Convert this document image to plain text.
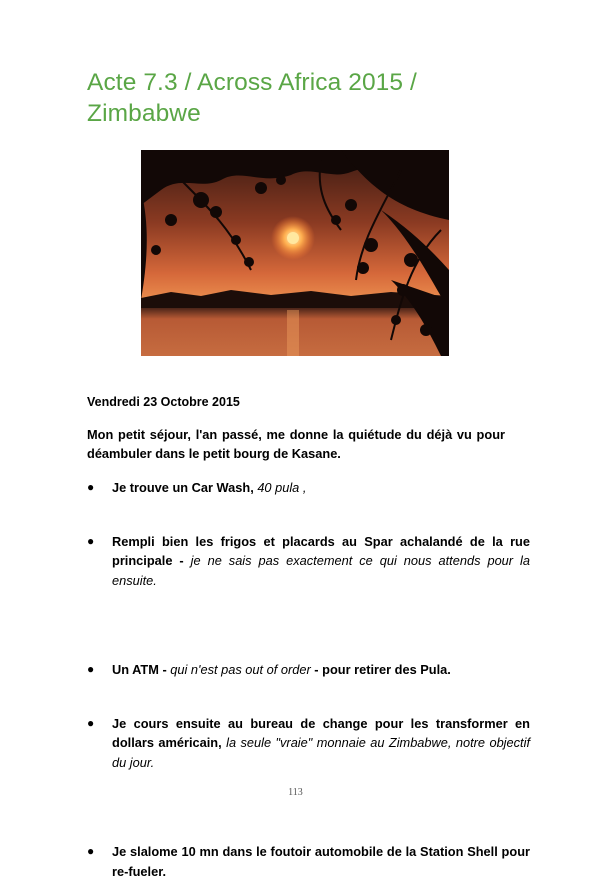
Acte 7.3 / Across Africa 2015 / Zimbabwe
Vendredi 23 Octobre 2015

Mon petit séjour, l'an passé, me donne la quiétude du déjà vu pour déambuler dans le petit bourg de Kasane.

● Je trouve un Car Wash, 40 pula ,
● Rempli bien les frigos et placards au Spar achalandé de la rue principale - je ne sais pas exactement ce qui nous attends pour la ensuite.
● Un ATM - qui n'est pas out of order - pour retirer des Pula.
● Je cours ensuite au bureau de change pour les transformer en dollars américain, la seule "vraie" monnaie au Zimbabwe, notre objectif du jour.
● Je slalome 10 mn dans le foutoir automobile de la Station Shell pour re-fueler.
113
